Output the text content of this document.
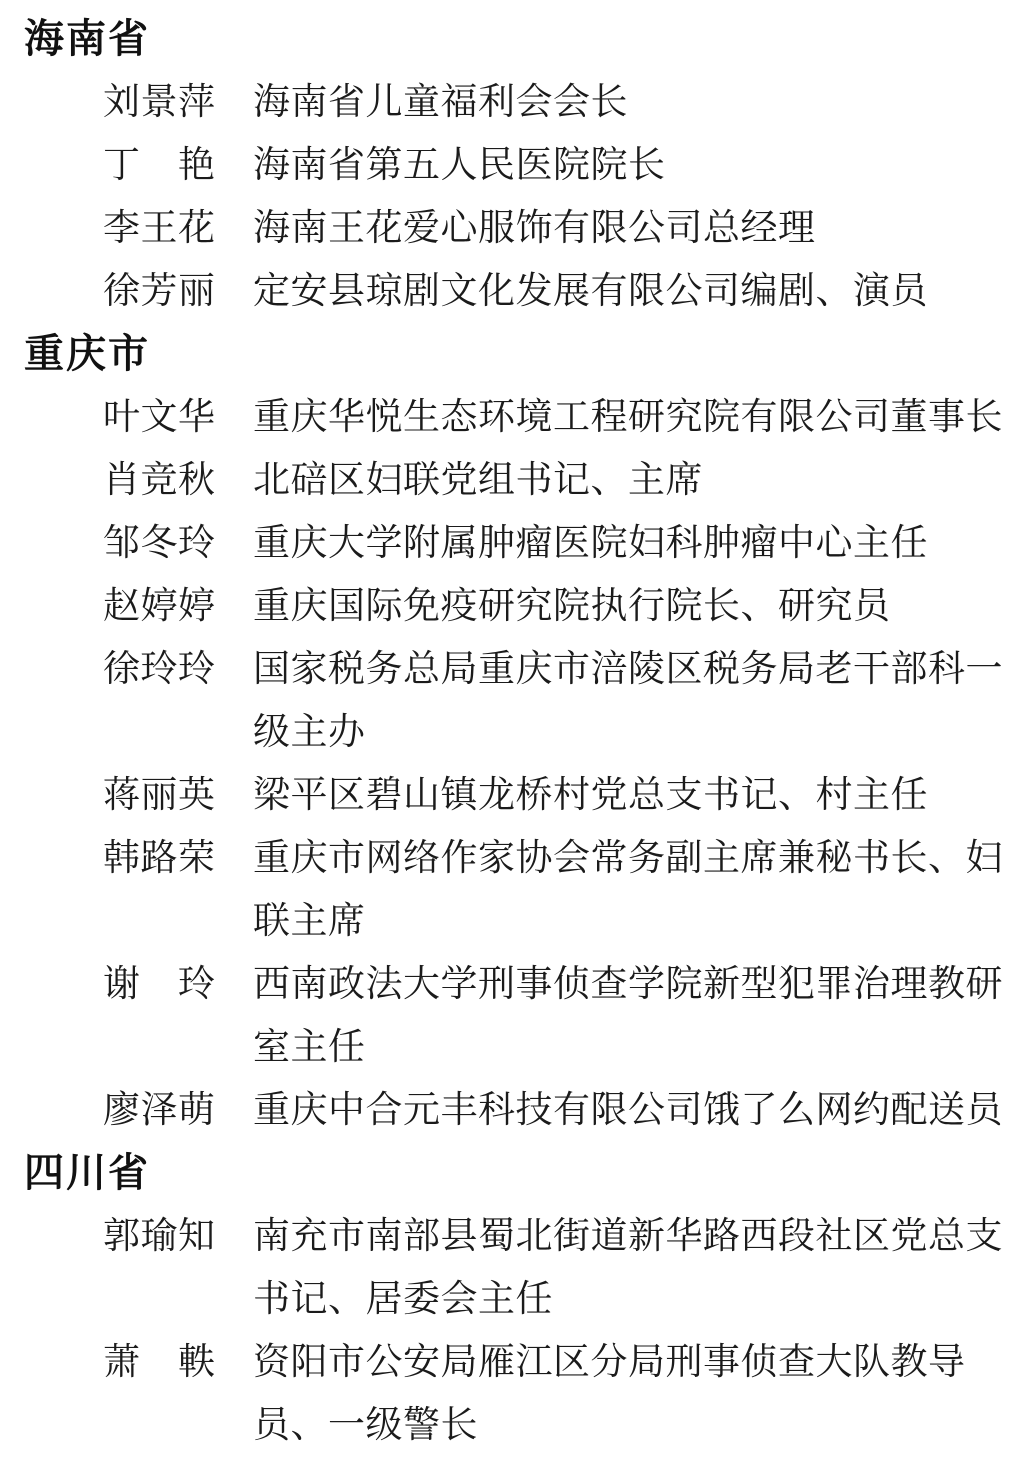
海南省
刘景萍 海南省儿童福利会会长
丁艳 海南省第五人民医院院长
李王花 海南王花爱心服饰有限公司总经理
徐芳丽 定安县琼剧文化发展有限公司编剧、演员
重庆市
叶文华 重庆华悦生态环境工程研究院有限公司董事长
肖竞秋 北碚区妇联党组书记、主席
邹冬玲 重庆大学附属肿瘤医院妇科肿瘤中心主任
赵婷婷 重庆国际免疫研究院执行院长、研究员
徐玲玲 国家税务总局重庆市涪陵区税务局老干部科一级主办
蒋丽英 梁平区碧山镇龙桥村党总支书记、村主任
韩路荣 重庆市网络作家协会常务副主席兼秘书长、妇联主席
谢玲 西南政法大学刑事侦查学院新型犯罪治理教研室主任
廖泽萌 重庆中合元丰科技有限公司饿了么网约配送员
四川省
郭瑜知 南充市南部县蜀北街道新华路西段社区党总支书记、居委会主任
萧軼 资阳市公安局雁江区分局刑事侦查大队教导员、一级警长
